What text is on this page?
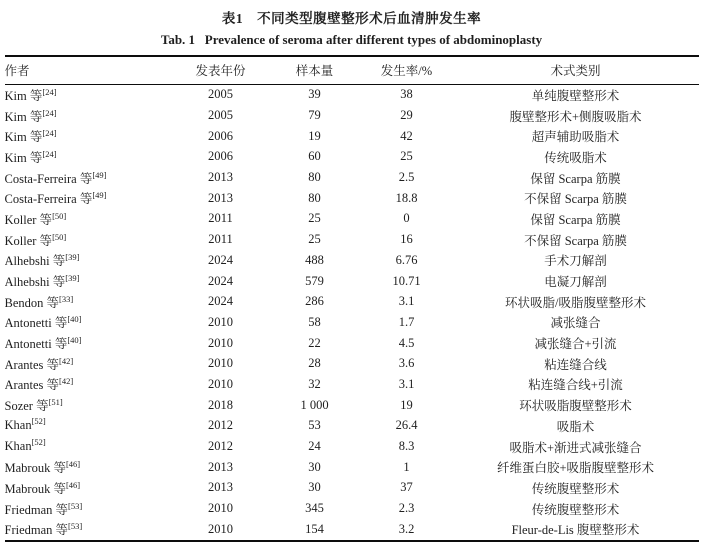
表1　不同类型腹壁整形术后血清肿发生率
Tab. 1   Prevalence of seroma after different types of abdominoplasty
作者	发表年份	样本量	发生率/%	术式类别
Kim 等[24]	2005	39	38	单纯腹壁整形术
Kim 等[24]	2005	79	29	腹壁整形术+侧腹吸脂术
Kim 等[24]	2006	19	42	超声辅助吸脂术
Kim 等[24]	2006	60	25	传统吸脂术
Costa-Ferreira 等[49]	2013	80	2.5	保留 Scarpa 筋膜
Costa-Ferreira 等[49]	2013	80	18.8	不保留 Scarpa 筋膜
Koller 等[50]	2011	25	0	保留 Scarpa 筋膜
Koller 等[50]	2011	25	16	不保留 Scarpa 筋膜
Alhebshi 等[39]	2024	488	6.76	手术刀解剖
Alhebshi 等[39]	2024	579	10.71	电凝刀解剖
Bendon 等[33]	2024	286	3.1	环状吸脂/吸脂腹壁整形术
Antonetti 等[40]	2010	58	1.7	减张缝合
Antonetti 等[40]	2010	22	4.5	减张缝合+引流
Arantes 等[42]	2010	28	3.6	粘连缝合线
Arantes 等[42]	2010	32	3.1	粘连缝合线+引流
Sozer 等[51]	2018	1 000	19	环状吸脂腹壁整形术
Khan[52]	2012	53	26.4	吸脂术
Khan[52]	2012	24	8.3	吸脂术+渐进式减张缝合
Mabrouk 等[46]	2013	30	1	纤维蛋白胶+吸脂腹壁整形术
Mabrouk 等[46]	2013	30	37	传统腹壁整形术
Friedman 等[53]	2010	345	2.3	传统腹壁整形术
Friedman 等[53]	2010	154	3.2	Fleur-de-Lis 腹壁整形术
